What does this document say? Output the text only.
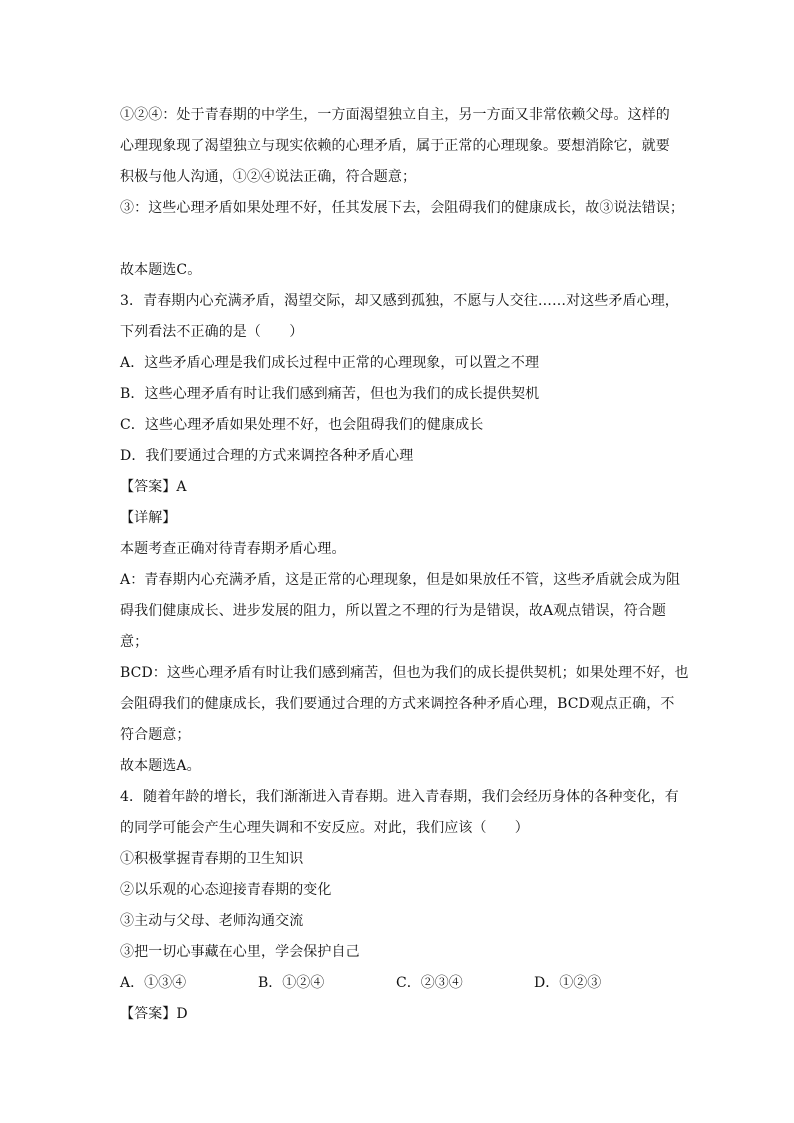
①②④：处于青春期的中学生，一方面渴望独立自主，另一方面又非常依赖父母。这样的
心理现象现了渴望独立与现实依赖的心理矛盾，属于正常的心理现象。要想消除它，就要
积极与他人沟通，①②④说法正确，符合题意；
③：这些心理矛盾如果处理不好，任其发展下去，会阻碍我们的健康成长，故③说法错误；
故本题选C。
3．青春期内心充满矛盾，渴望交际，却又感到孤独，不愿与人交往……对这些矛盾心理，
下列看法不正确的是（　　）
A．这些矛盾心理是我们成长过程中正常的心理现象，可以置之不理
B．这些心理矛盾有时让我们感到痛苦，但也为我们的成长提供契机
C．这些心理矛盾如果处理不好，也会阻碍我们的健康成长
D．我们要通过合理的方式来调控各种矛盾心理
【答案】A
【详解】
本题考查正确对待青春期矛盾心理。
A：青春期内心充满矛盾，这是正常的心理现象，但是如果放任不管，这些矛盾就会成为阻
碍我们健康成长、进步发展的阻力，所以置之不理的行为是错误，故A观点错误，符合题
意；
BCD：这些心理矛盾有时让我们感到痛苦，但也为我们的成长提供契机；如果处理不好，也
会阻碍我们的健康成长，我们要通过合理的方式来调控各种矛盾心理，BCD观点正确，不
符合题意；
故本题选A。
4．随着年龄的增长，我们渐渐进入青春期。进入青春期，我们会经历身体的各种变化，有
的同学可能会产生心理失调和不安反应。对此，我们应该（　　）
①积极掌握青春期的卫生知识
②以乐观的心态迎接青春期的变化
③主动与父母、老师沟通交流
③把一切心事藏在心里，学会保护自己
A．①③④	B．①②④	C．②③④	D．①②③
【答案】D
